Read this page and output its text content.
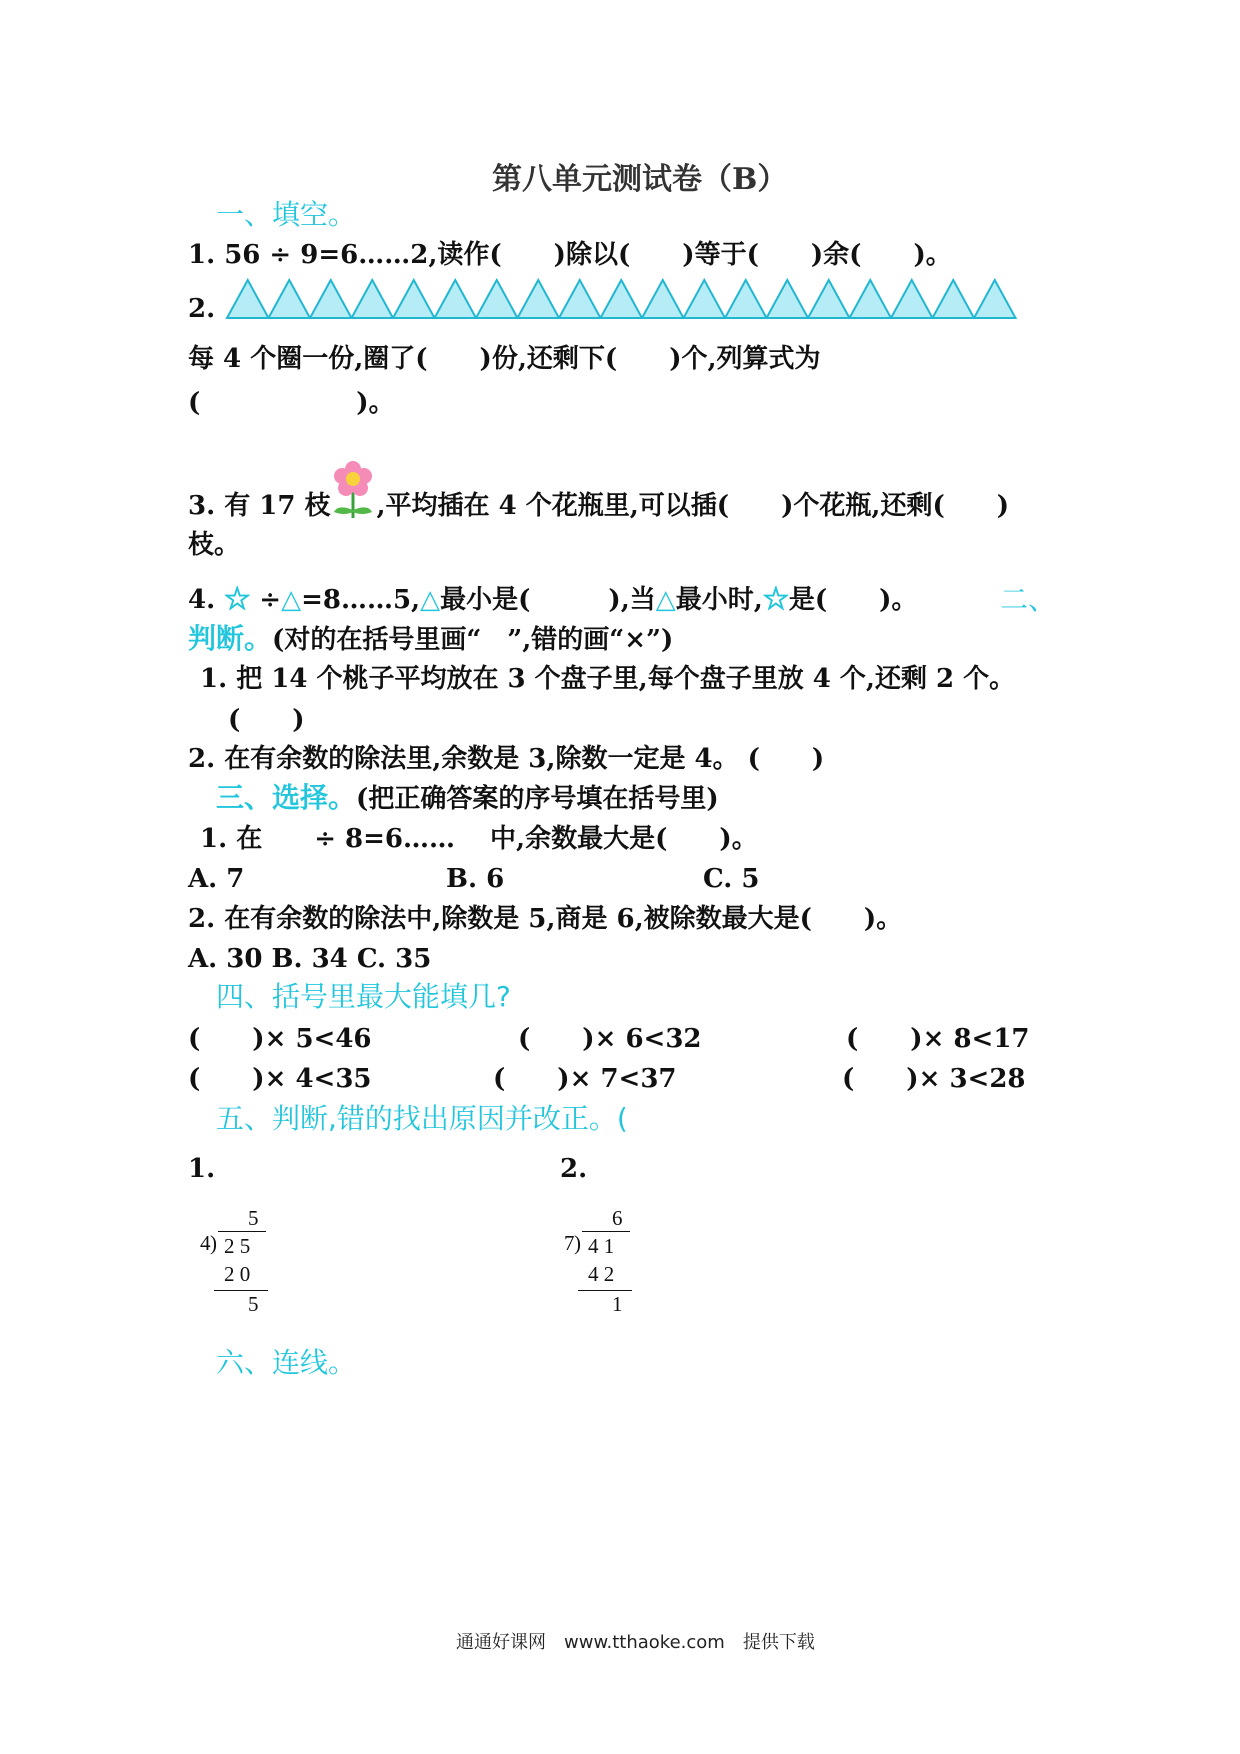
第八单元测试卷（B）
一、填空。
1. 56 ÷ 9=6……2,读作(　　)除以(　　)等于(　　)余(　　)。
2.
每 4 个圈一份,圈了(　　)份,还剩下(　　)个,列算式为
(　　　　　　)。
3. 有 17 枝 ,平均插在 4 个花瓶里,可以插(　　)个花瓶,还剩(　　)
枝。
4. ☆ ÷△=8……5,△最小是(　　　),当△最小时,☆是(　　)。	二、
判断。(对的在括号里画“　”,错的画“×”)
1. 把 14 个桃子平均放在 3 个盘子里,每个盘子里放 4 个,还剩 2 个。
(　　)
2. 在有余数的除法里,余数是 3,除数一定是 4。 (　　)
三、选择。(把正确答案的序号填在括号里)
1. 在　　÷ 8=6……　 中,余数最大是(　　)。
A. 7	B. 6	C. 5
2. 在有余数的除法中,除数是 5,商是 6,被除数最大是(　　)。
A. 30 B. 34 C. 35
四、括号里最大能填几?
(　　)× 5<46	(　　)× 6<32	(　　)× 8<17
(　　)× 4<35	(　　)× 7<37	(　　)× 3<28
五、判断,错的找出原因并改正。(
1.	2.
5
4 ) 2 5
2 0
5
6
7 ) 4 1
4 2
1
六、连线。
通通好课网　www.tthaoke.com　提供下载
